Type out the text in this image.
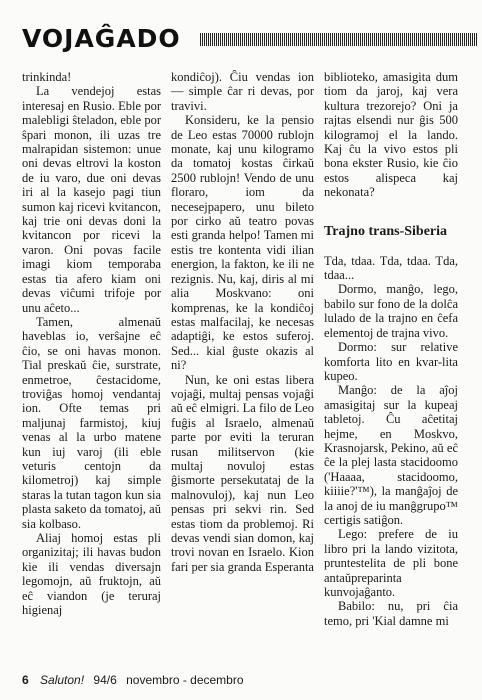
VOJAĜADO

trinkinda!

La vendejoj estas interesaj en Rusio. Eble por malebligi ŝteladon, eble por ŝpari monon, ili uzas tre malrapidan sistemon: unue oni devas eltrovi la koston de iu varo, due oni devas iri al la kasejo pagi tiun sumon kaj ricevi kvitancon, kaj trie oni devas doni la kvitancon por ricevi la varon. Oni povas facile imagi kiom temporaba estas tia afero kiam oni devas viĉumi trifoje por unu aĉeto...

Tamen, almenaŭ haveblas io, verŝajne eĉ ĉio, se oni havas monon. Tial preskaŭ ĉie, surstrate, enmetroe, ĉestacidome, troviĝas homoj vendantaj ion. Ofte temas pri maljunaj farmistoj, kiuj venas al la urbo matene kun iuj varoj (ili eble veturis centojn da kilometroj) kaj simple staras la tutan tagon kun sia plasta saketo da tomatoj, aŭ sia kolbaso.

Aliaj homoj estas pli organizitaj; ili havas budon kie ili vendas diversajn legomojn, aŭ fruktojn, aŭ eĉ viandon (je teruraj higienaj

kondiĉoj). Ĉiu vendas ion — simple ĉar ri devas, por travivi.

Konsideru, ke la pensio de Leo estas 70000 rublojn monate, kaj unu kilogramo da tomatoj kostas ĉirkaŭ 2500 rublojn! Vendo de unu floraro, iom da necesejpapero, unu bileto por cirko aŭ teatro povas esti granda helpo! Tamen mi estis tre kontenta vidi ilian energion, la fakton, ke ili ne rezignis. Nu, kaj, diris al mi alia Moskvano: oni komprenas, ke la kondiĉoj estas malfacilaj, ke necesas adaptiĝi, ke estos suferoj. Sed... kial ĝuste okazis al ni?

Nun, ke oni estas libera vojaĝi, multaj pensas vojaĝi aŭ eĉ elmigri. La filo de Leo fuĝis al Israelo, almenaŭ parte por eviti la teruran rusan militservon (kie multaj novuloj estas ĝismorte persekutataj de la malnovuloj), kaj nun Leo pensas pri sekvi rin. Sed estas tiom da problemoj. Ri devas vendi sian domon, kaj trovi novan en Israelo. Kion fari per sia granda Esperanta

biblioteko, amasigita dum tiom da jaroj, kaj vera kultura trezorejo? Oni ja rajtas elsendi nur ĝis 500 kilogramoj el la lando. Kaj ĉu la vivo estos pli bona ekster Rusio, kie ĉio estos alispeca kaj nekonata?

Trajno trans-Siberia

Tda, tdaa. Tda, tdaa. Tda, tdaa...

Dormo, manĝo, lego, babilo sur fono de la dolĉa lulado de la trajno en ĉefa elementoj de trajna vivo.

Dormo: sur relative komforta lito en kvar-lita kupeo.

Manĝo: de la aĵoj amasigitaj sur la kupeaj tabletoj. Ĉu aĉetitaj hejme, en Moskvo, Krasnojarsk, Pekino, aŭ eĉ ĉe la plej lasta stacidoomo ('Haaaa, stacidoomo, kiiiie?'™), la manĝaĵoj de la anoj de iu manĝgrupo™ certigis satiĝon.

Lego: prefere de iu libro pri la lando vizitota, pruntestelita de pli bone antaŭpreparinta kunvojaĝanto.

Babilo: nu, pri ĉia temo, pri 'Kial damne mi

6 Saluton! 94/6 novembro - decembro
